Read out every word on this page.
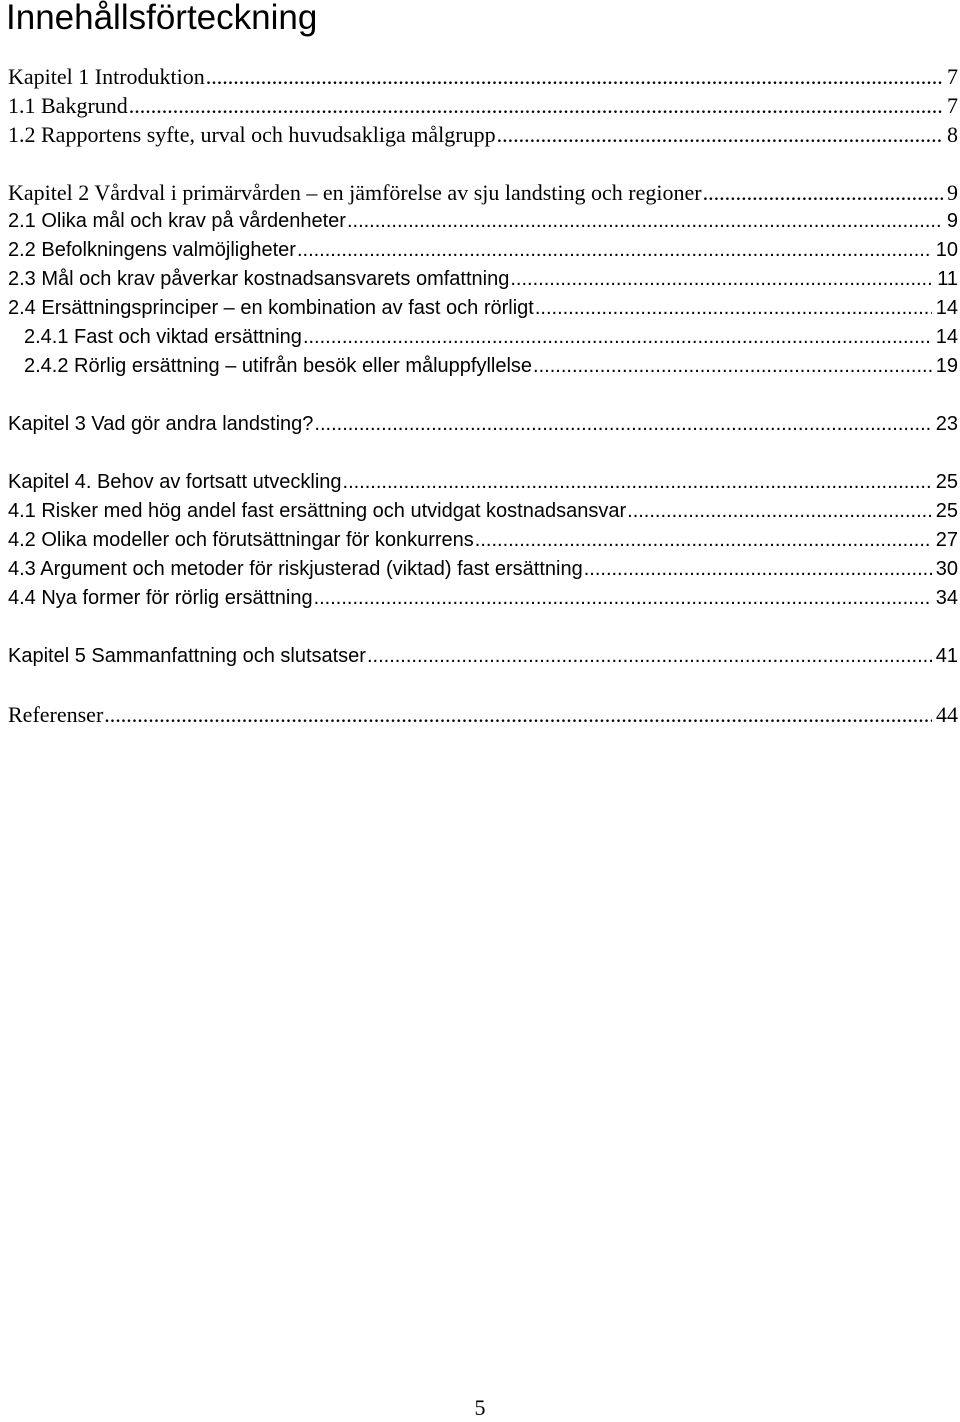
Innehållsförteckning
Kapitel 1 Introduktion .....	7
1.1 Bakgrund .....	7
1.2 Rapportens syfte, urval och huvudsakliga målgrupp .....	8
Kapitel 2 Vårdval i primärvården – en jämförelse av sju landsting och regioner .....	9
2.1 Olika mål och krav på vårdenheter .....	9
2.2 Befolkningens valmöjligheter .....	10
2.3 Mål och krav påverkar kostnadsansvarets omfattning .....	11
2.4 Ersättningsprinciper – en kombination av fast och rörligt .....	14
2.4.1 Fast och viktad ersättning .....	14
2.4.2 Rörlig ersättning – utifrån besök eller måluppfyllelse .....	19
Kapitel 3 Vad gör andra landsting? .....	23
Kapitel 4. Behov av fortsatt utveckling .....	25
4.1 Risker med hög andel fast ersättning och utvidgat kostnadsansvar .....	25
4.2 Olika modeller och förutsättningar för konkurrens .....	27
4.3 Argument och metoder för riskjusterad (viktad) fast ersättning .....	30
4.4 Nya former för rörlig ersättning .....	34
Kapitel 5 Sammanfattning och slutsatser .....	41
Referenser .....	44
5
